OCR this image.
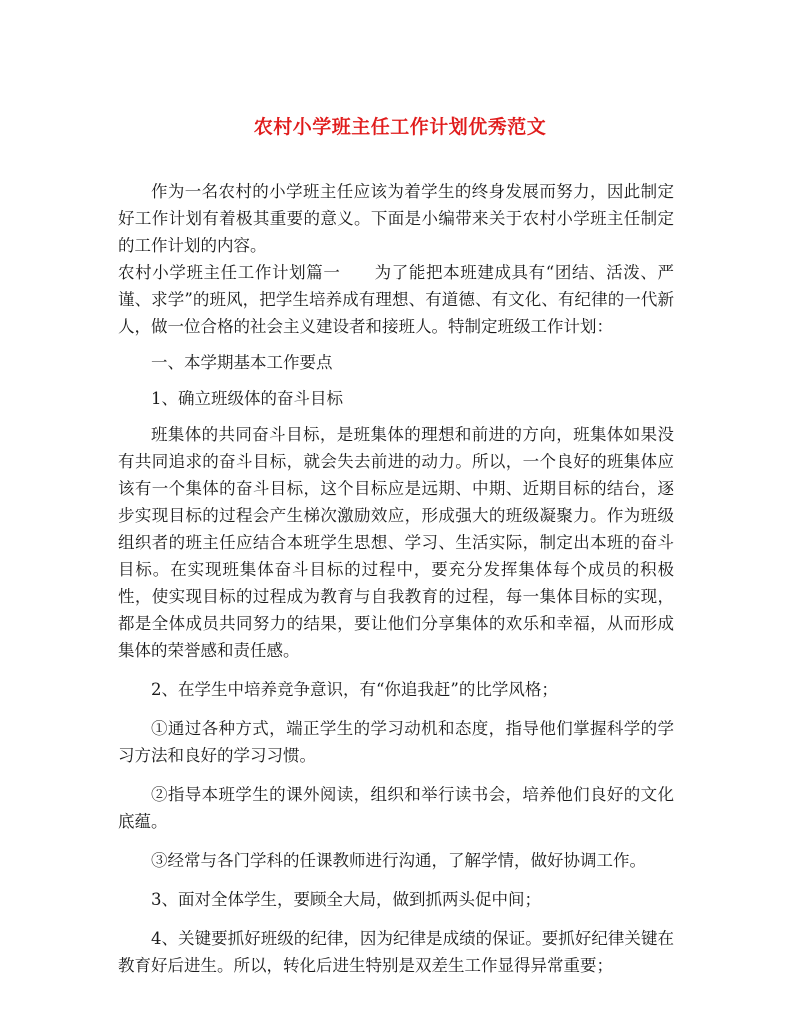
农村小学班主任工作计划优秀范文

作为一名农村的小学班主任应该为着学生的终身发展而努力，因此制定好工作计划有着极其重要的意义。下面是小编带来关于农村小学班主任制定的工作计划的内容。

农村小学班主任工作计划篇一　　为了能把本班建成具有“团结、活泼、严谨、求学”的班风，把学生培养成有理想、有道德、有文化、有纪律的一代新人，做一位合格的社会主义建设者和接班人。特制定班级工作计划：

一、本学期基本工作要点

1、确立班级体的奋斗目标

班集体的共同奋斗目标，是班集体的理想和前进的方向，班集体如果没有共同追求的奋斗目标，就会失去前进的动力。所以，一个良好的班集体应该有一个集体的奋斗目标，这个目标应是远期、中期、近期目标的结台，逐步实现目标的过程会产生梯次激励效应，形成强大的班级凝聚力。作为班级组织者的班主任应结合本班学生思想、学习、生活实际，制定出本班的奋斗目标。在实现班集体奋斗目标的过程中，要充分发挥集体每个成员的积极性，使实现目标的过程成为教育与自我教育的过程，每一集体目标的实现，都是全体成员共同努力的结果，要让他们分享集体的欢乐和幸福，从而形成集体的荣誉感和责任感。

2、在学生中培养竞争意识，有“你追我赶”的比学风格；

①通过各种方式，端正学生的学习动机和态度，指导他们掌握科学的学习方法和良好的学习习惯。

②指导本班学生的课外阅读，组织和举行读书会，培养他们良好的文化底蕴。

③经常与各门学科的任课教师进行沟通，了解学情，做好协调工作。

3、面对全体学生，要顾全大局，做到抓两头促中间；

4、关键要抓好班级的纪律，因为纪律是成绩的保证。要抓好纪律关键在教育好后进生。所以，转化后进生特别是双差生工作显得异常重要；
